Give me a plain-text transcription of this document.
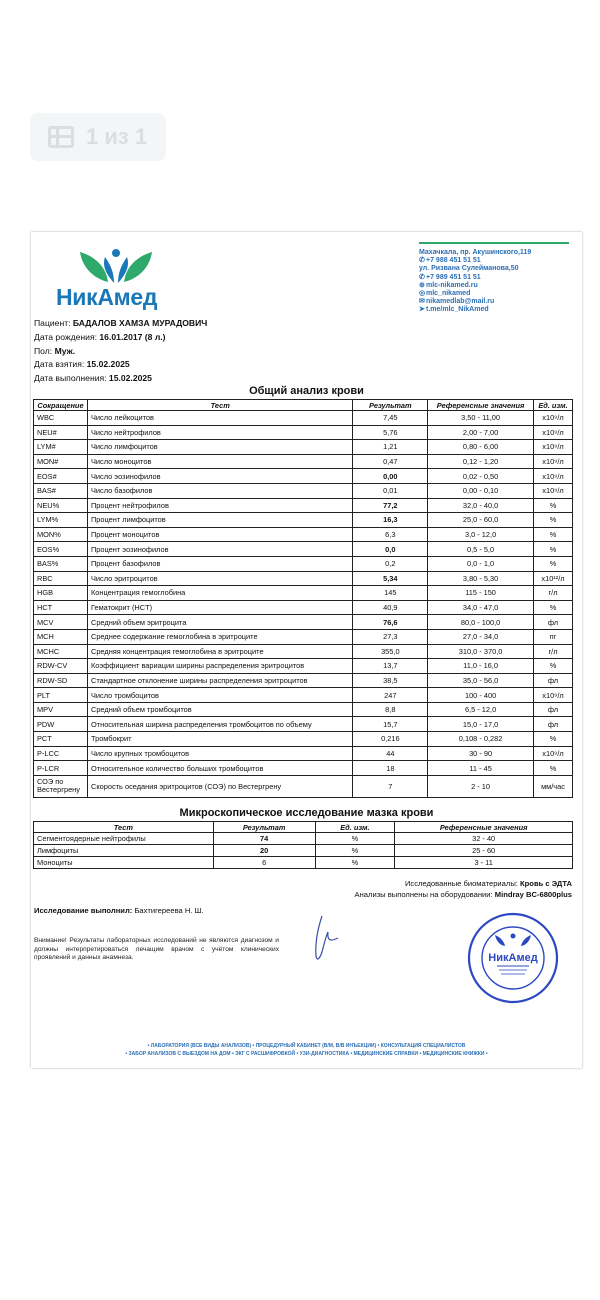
1 из 1
НикАмед
Махачкала, пр. Акушинского,119
✆+7 988 451 51 51
ул. Ризвана Сулейманова,50
✆+7 989 451 51 51
⊕mlc-nikamed.ru
◎mlc_nikamed
✉nikamedlab@mail.ru
➤t.me/mlc_NikAmed
Пациент: БАДАЛОВ ХАМЗА МУРАДОВИЧ
Дата рождения: 16.01.2017 (8 л.)
Пол: Муж.
Дата взятия: 15.02.2025
Дата выполнения: 15.02.2025
Общий анализ крови
Сокращение	Тест	Результат	Референсные значения	Ед. изм.
WBC	Число лейкоцитов	7,45	3,50 - 11,00	x10⁹/л
NEU#	Число нейтрофилов	5,76	2,00 - 7,00	x10⁹/л
LYM#	Число лимфоцитов	1,21	0,80 - 6,00	x10⁹/л
MON#	Число моноцитов	0,47	0,12 - 1,20	x10⁹/л
EOS#	Число эозинофилов	0,00	0,02 - 0,50	x10⁹/л
BAS#	Число базофилов	0,01	0,00 - 0,10	x10⁹/л
NEU%	Процент нейтрофилов	77,2	32,0 - 40,0	%
LYM%	Процент лимфоцитов	16,3	25,0 - 60,0	%
MON%	Процент моноцитов	6,3	3,0 - 12,0	%
EOS%	Процент эозинофилов	0,0	0,5 - 5,0	%
BAS%	Процент базофилов	0,2	0,0 - 1,0	%
RBC	Число эритроцитов	5,34	3,80 - 5,30	x10¹²/л
HGB	Концентрация гемоглобина	145	115 - 150	г/л
HCT	Гематокрит (HCT)	40,9	34,0 - 47,0	%
MCV	Средний объем эритроцита	76,6	80,0 - 100,0	фл
MCH	Среднее содержание гемоглобина в эритроците	27,3	27,0 - 34,0	пг
MCHC	Средняя концентрация гемоглобина в эритроците	355,0	310,0 - 370,0	г/л
RDW-CV	Коэффициент вариации ширины распределения эритроцитов	13,7	11,0 - 16,0	%
RDW-SD	Стандартное отклонение ширины распределения эритроцитов	38,5	35,0 - 56,0	фл
PLT	Число тромбоцитов	247	100 - 400	x10⁹/л
MPV	Средний объем тромбоцитов	8,8	6,5 - 12,0	фл
PDW	Относительная ширина распределения тромбоцитов по объему	15,7	15,0 - 17,0	фл
PCT	Тромбокрит	0,216	0,108 - 0,282	%
P-LCC	Число крупных тромбоцитов	44	30 - 90	x10⁹/л
P-LCR	Относительное количество больших тромбоцитов	18	11 - 45	%
СОЭ по Вестергрену	Скорость оседания эритроцитов (СОЭ) по Вестергрену	7	2 - 10	мм/час
Микроскопическое исследование мазка крови
Тест	Результат	Ед. изм.	Референсные значения
Сегментоядерные нейтрофилы	74	%	32 - 40
Лимфоциты	20	%	25 - 60
Моноциты	6	%	3 - 11
Исследованные биоматериалы: Кровь с ЭДТА
Анализы выполнены на оборудовании: Mindray BC-6800plus
Исследование выполнил: Бахтигереева Н. Ш.
Внимание! Результаты лабораторных исследований не являются диагнозом и должны интерпретироваться лечащим врачом с учётом клинических проявлений и данных анамнеза.	НикАмед
• ЛАБОРАТОРИЯ (ВСЕ ВИДЫ АНАЛИЗОВ) • ПРОЦЕДУРНЫЙ КАБИНЕТ (В/М, В/В ИНЪЕКЦИИ) • КОНСУЛЬТАЦИЯ СПЕЦИАЛИСТОВ
• ЗАБОР АНАЛИЗОВ С ВЫЕЗДОМ НА ДОМ • ЭКГ С РАСШИФРОВКОЙ • УЗИ-ДИАГНОСТИКА • МЕДИЦИНСКИЕ СПРАВКИ • МЕДИЦИНСКИЕ КНИЖКИ •
